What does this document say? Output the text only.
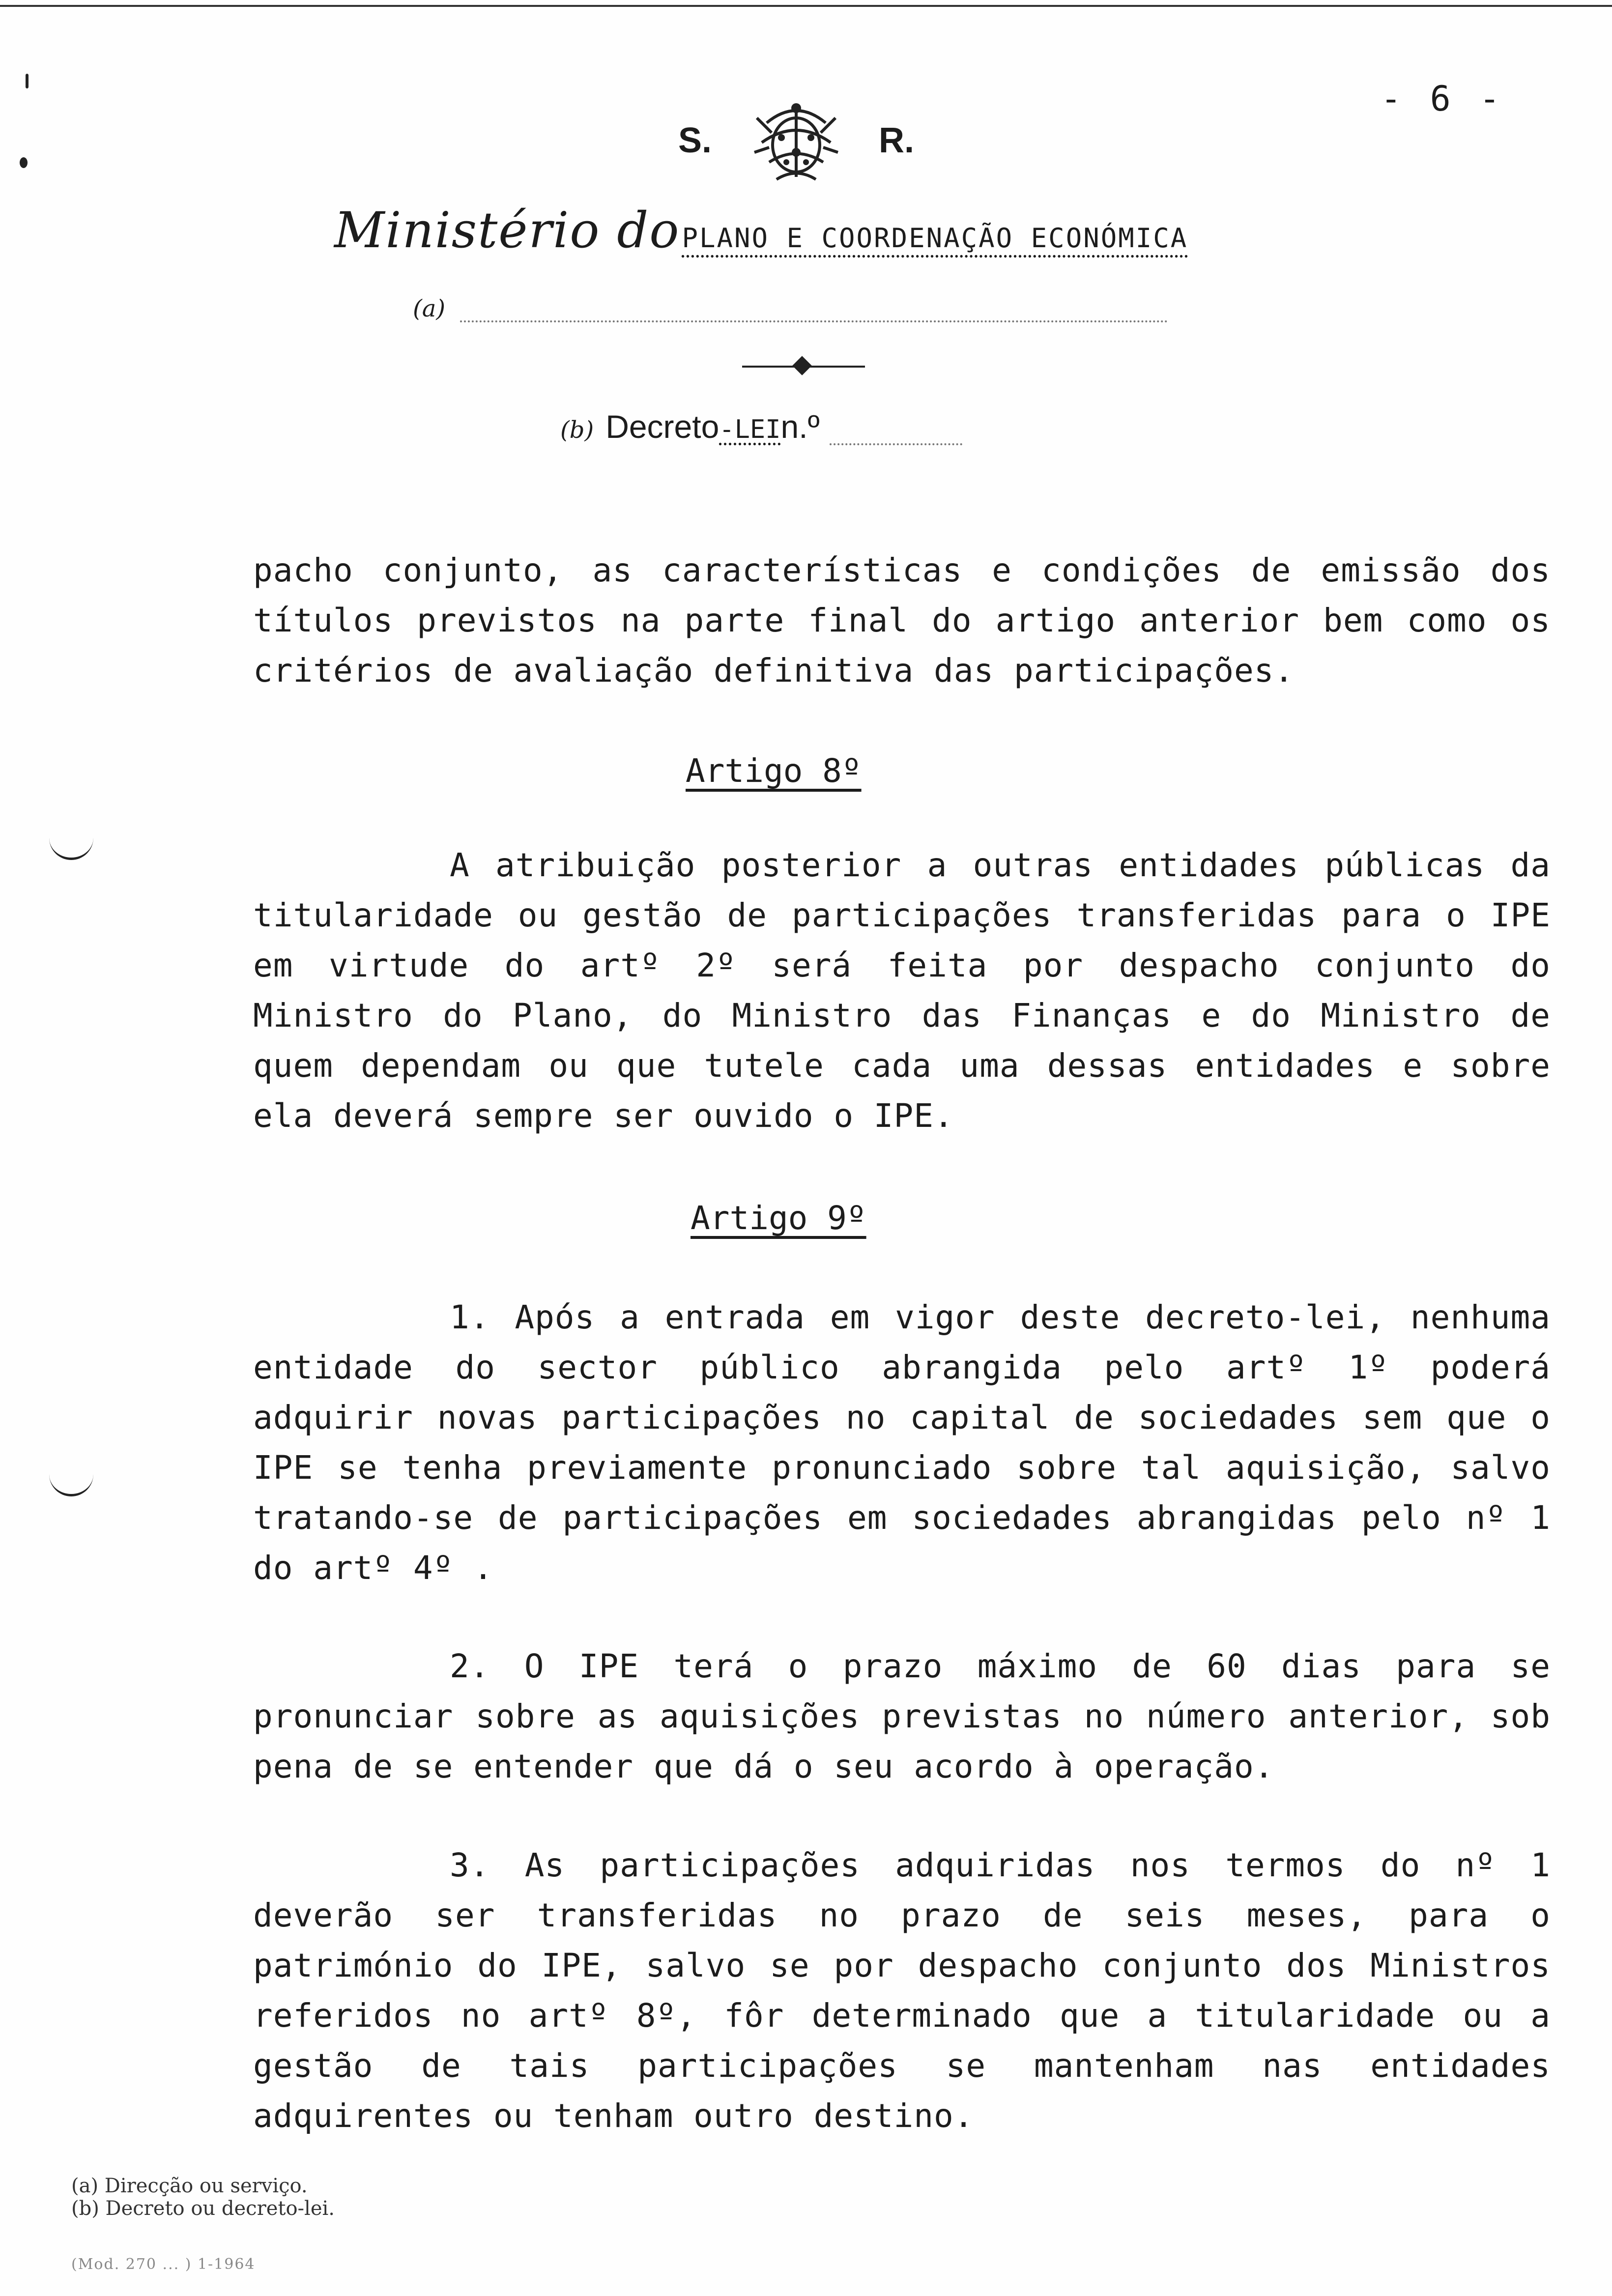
- 6 -
S.	R.
Ministério do PLANO E COORDENAÇÃO ECONÓMICA
(a)
(b) Decreto-LEIn.º

pacho conjunto, as características e condições de emissão dos títulos previstos na parte final do artigo anterior bem como os critérios de avaliação definitiva das participações.

Artigo 8º

A atribuição posterior a outras entidades públicas da titularidade ou gestão de participações transferidas para o IPE em virtude do artº 2º será feita por despacho conjunto do Ministro do Plano, do Ministro das Finanças e do Ministro de quem dependam ou que tutele cada uma dessas entidades e sobre ela deverá sempre ser ouvido o IPE.

Artigo 9º

1. Após a entrada em vigor deste decreto-lei, nenhuma entidade do sector público abrangida pelo artº 1º poderá adquirir novas participações no capital de sociedades sem que o IPE se tenha previamente pronunciado sobre tal aquisição, salvo tratando-se de participações em sociedades abrangidas pelo nº 1 do artº 4º .

2. O IPE terá o prazo máximo de 60 dias para se pronunciar sobre as aquisições previstas no número anterior, sob pena de se entender que dá o seu acordo à operação.

3. As participações adquiridas nos termos do nº 1 deverão ser transferidas no prazo de seis meses, para o património do IPE, salvo se por despacho conjunto dos Ministros referidos no artº 8º, fôr determinado que a titularidade ou a gestão de tais participações se mantenham nas entidades adquirentes ou tenham outro destino.

(a) Direcção ou serviço.
(b) Decreto ou decreto-lei.
(Mod. 270 ... ) 1-1964
